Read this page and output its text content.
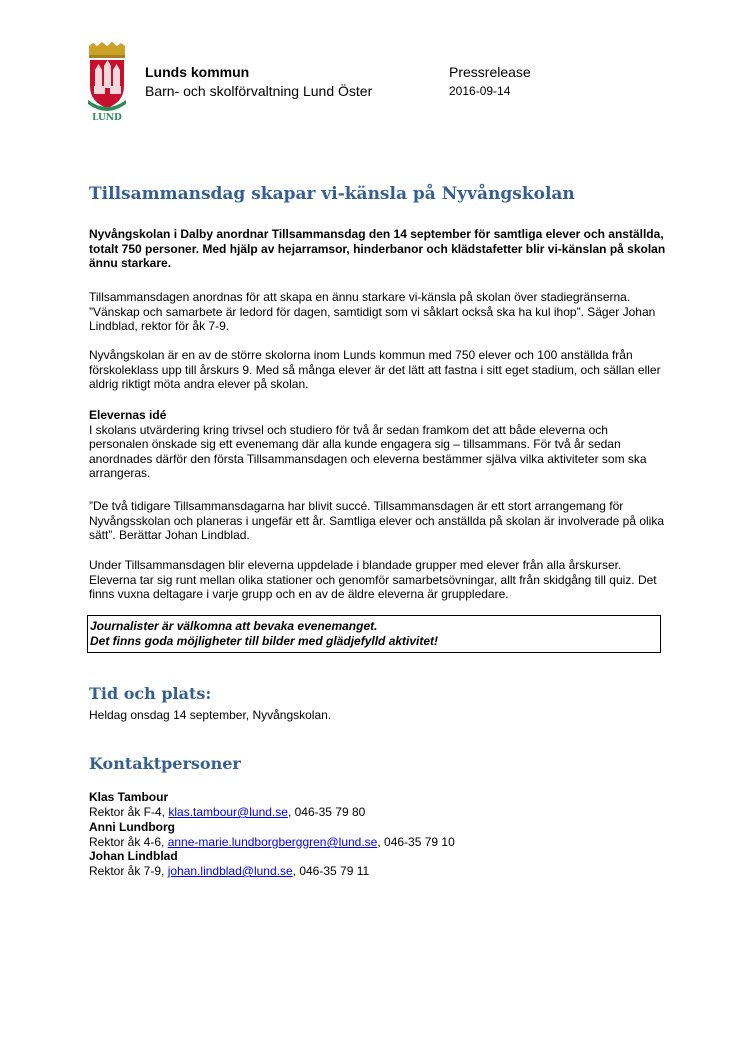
LUND
Lunds kommun
Barn- och skolförvaltning Lund Öster
Pressrelease
2016-09-14
Tillsammansdag skapar vi-känsla på Nyvångskolan

Nyvångskolan i Dalby anordnar Tillsammansdag den 14 september för samtliga elever och anställda, totalt 750 personer. Med hjälp av hejarramsor, hinderbanor och klädstafetter blir vi-känslan på skolan ännu starkare.

Tillsammansdagen anordnas för att skapa en ännu starkare vi-känsla på skolan över stadiegränserna. ”Vänskap och samarbete är ledord för dagen, samtidigt som vi såklart också ska ha kul ihop”. Säger Johan Lindblad, rektor för åk 7-9.

Nyvångskolan är en av de större skolorna inom Lunds kommun med 750 elever och 100 anställda från förskoleklass upp till årskurs 9. Med så många elever är det lätt att fastna i sitt eget stadium, och sällan eller aldrig riktigt möta andra elever på skolan.

Elevernas idé
I skolans utvärdering kring trivsel och studiero för två år sedan framkom det att både eleverna och personalen önskade sig ett evenemang där alla kunde engagera sig – tillsammans. För två år sedan anordnades därför den första Tillsammansdagen och eleverna bestämmer själva vilka aktiviteter som ska arrangeras.

”De två tidigare Tillsammansdagarna har blivit succé. Tillsammansdagen är ett stort arrangemang för Nyvångsskolan och planeras i ungefär ett år. Samtliga elever och anställda på skolan är involverade på olika sätt”. Berättar Johan Lindblad.

Under Tillsammansdagen blir eleverna uppdelade i blandade grupper med elever från alla årskurser. Eleverna tar sig runt mellan olika stationer och genomför samarbetsövningar, allt från skidgång till quiz. Det finns vuxna deltagare i varje grupp och en av de äldre eleverna är gruppledare.

Journalister är välkomna att bevaka evenemanget.
Det finns goda möjligheter till bilder med glädjefylld aktivitet!
Tid och plats:

Heldag onsdag 14 september, Nyvångskolan.

Kontaktpersoner
Klas Tambour
Rektor åk F-4, klas.tambour@lund.se, 046-35 79 80
Anni Lundborg
Rektor åk 4-6, anne-marie.lundborgberggren@lund.se, 046-35 79 10
Johan Lindblad
Rektor åk 7-9, johan.lindblad@lund.se, 046-35 79 11
